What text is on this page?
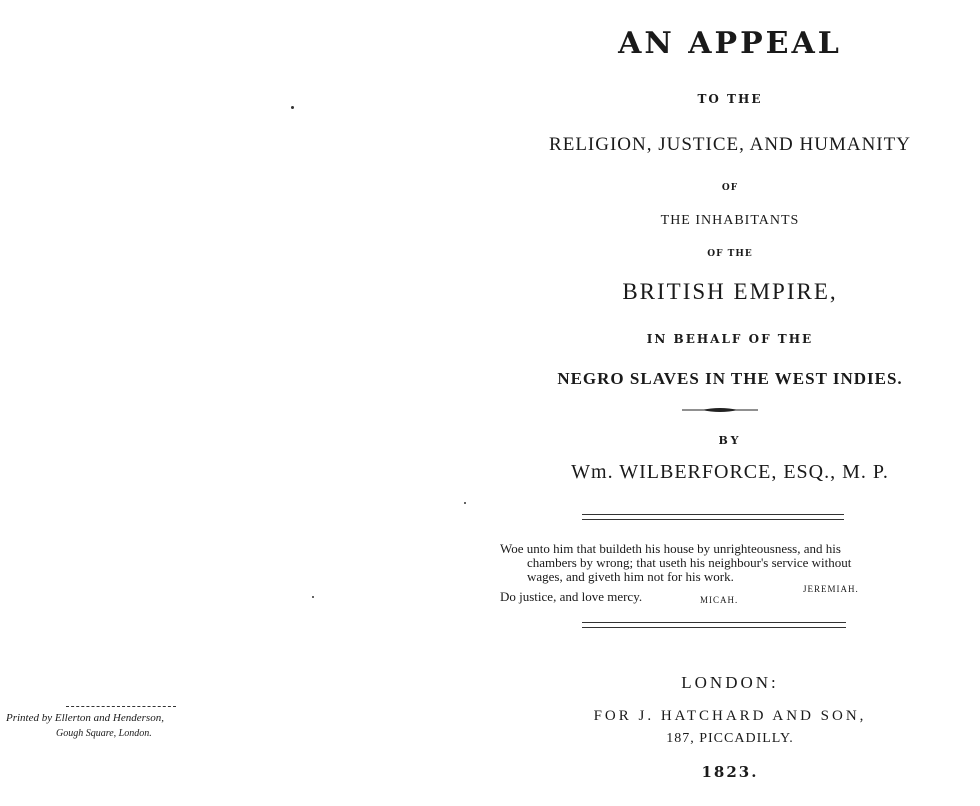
Printed by Ellerton and Henderson,
Gough Square, London.
AN APPEAL
TO THE
RELIGION, JUSTICE, AND HUMANITY
OF
THE INHABITANTS
OF THE
BRITISH EMPIRE,
IN BEHALF OF THE
NEGRO SLAVES IN THE WEST INDIES.
BY
Wm. WILBERFORCE, ESQ., M. P.
Woe unto him that buildeth his house by unrighteousness, and his
chambers by wrong; that useth his neighbour's service without
wages, and giveth him not for his work.
JEREMIAH.
Do justice, and love mercy.	MICAH.
LONDON:
FOR J. HATCHARD AND SON,
187, PICCADILLY.
1823.
